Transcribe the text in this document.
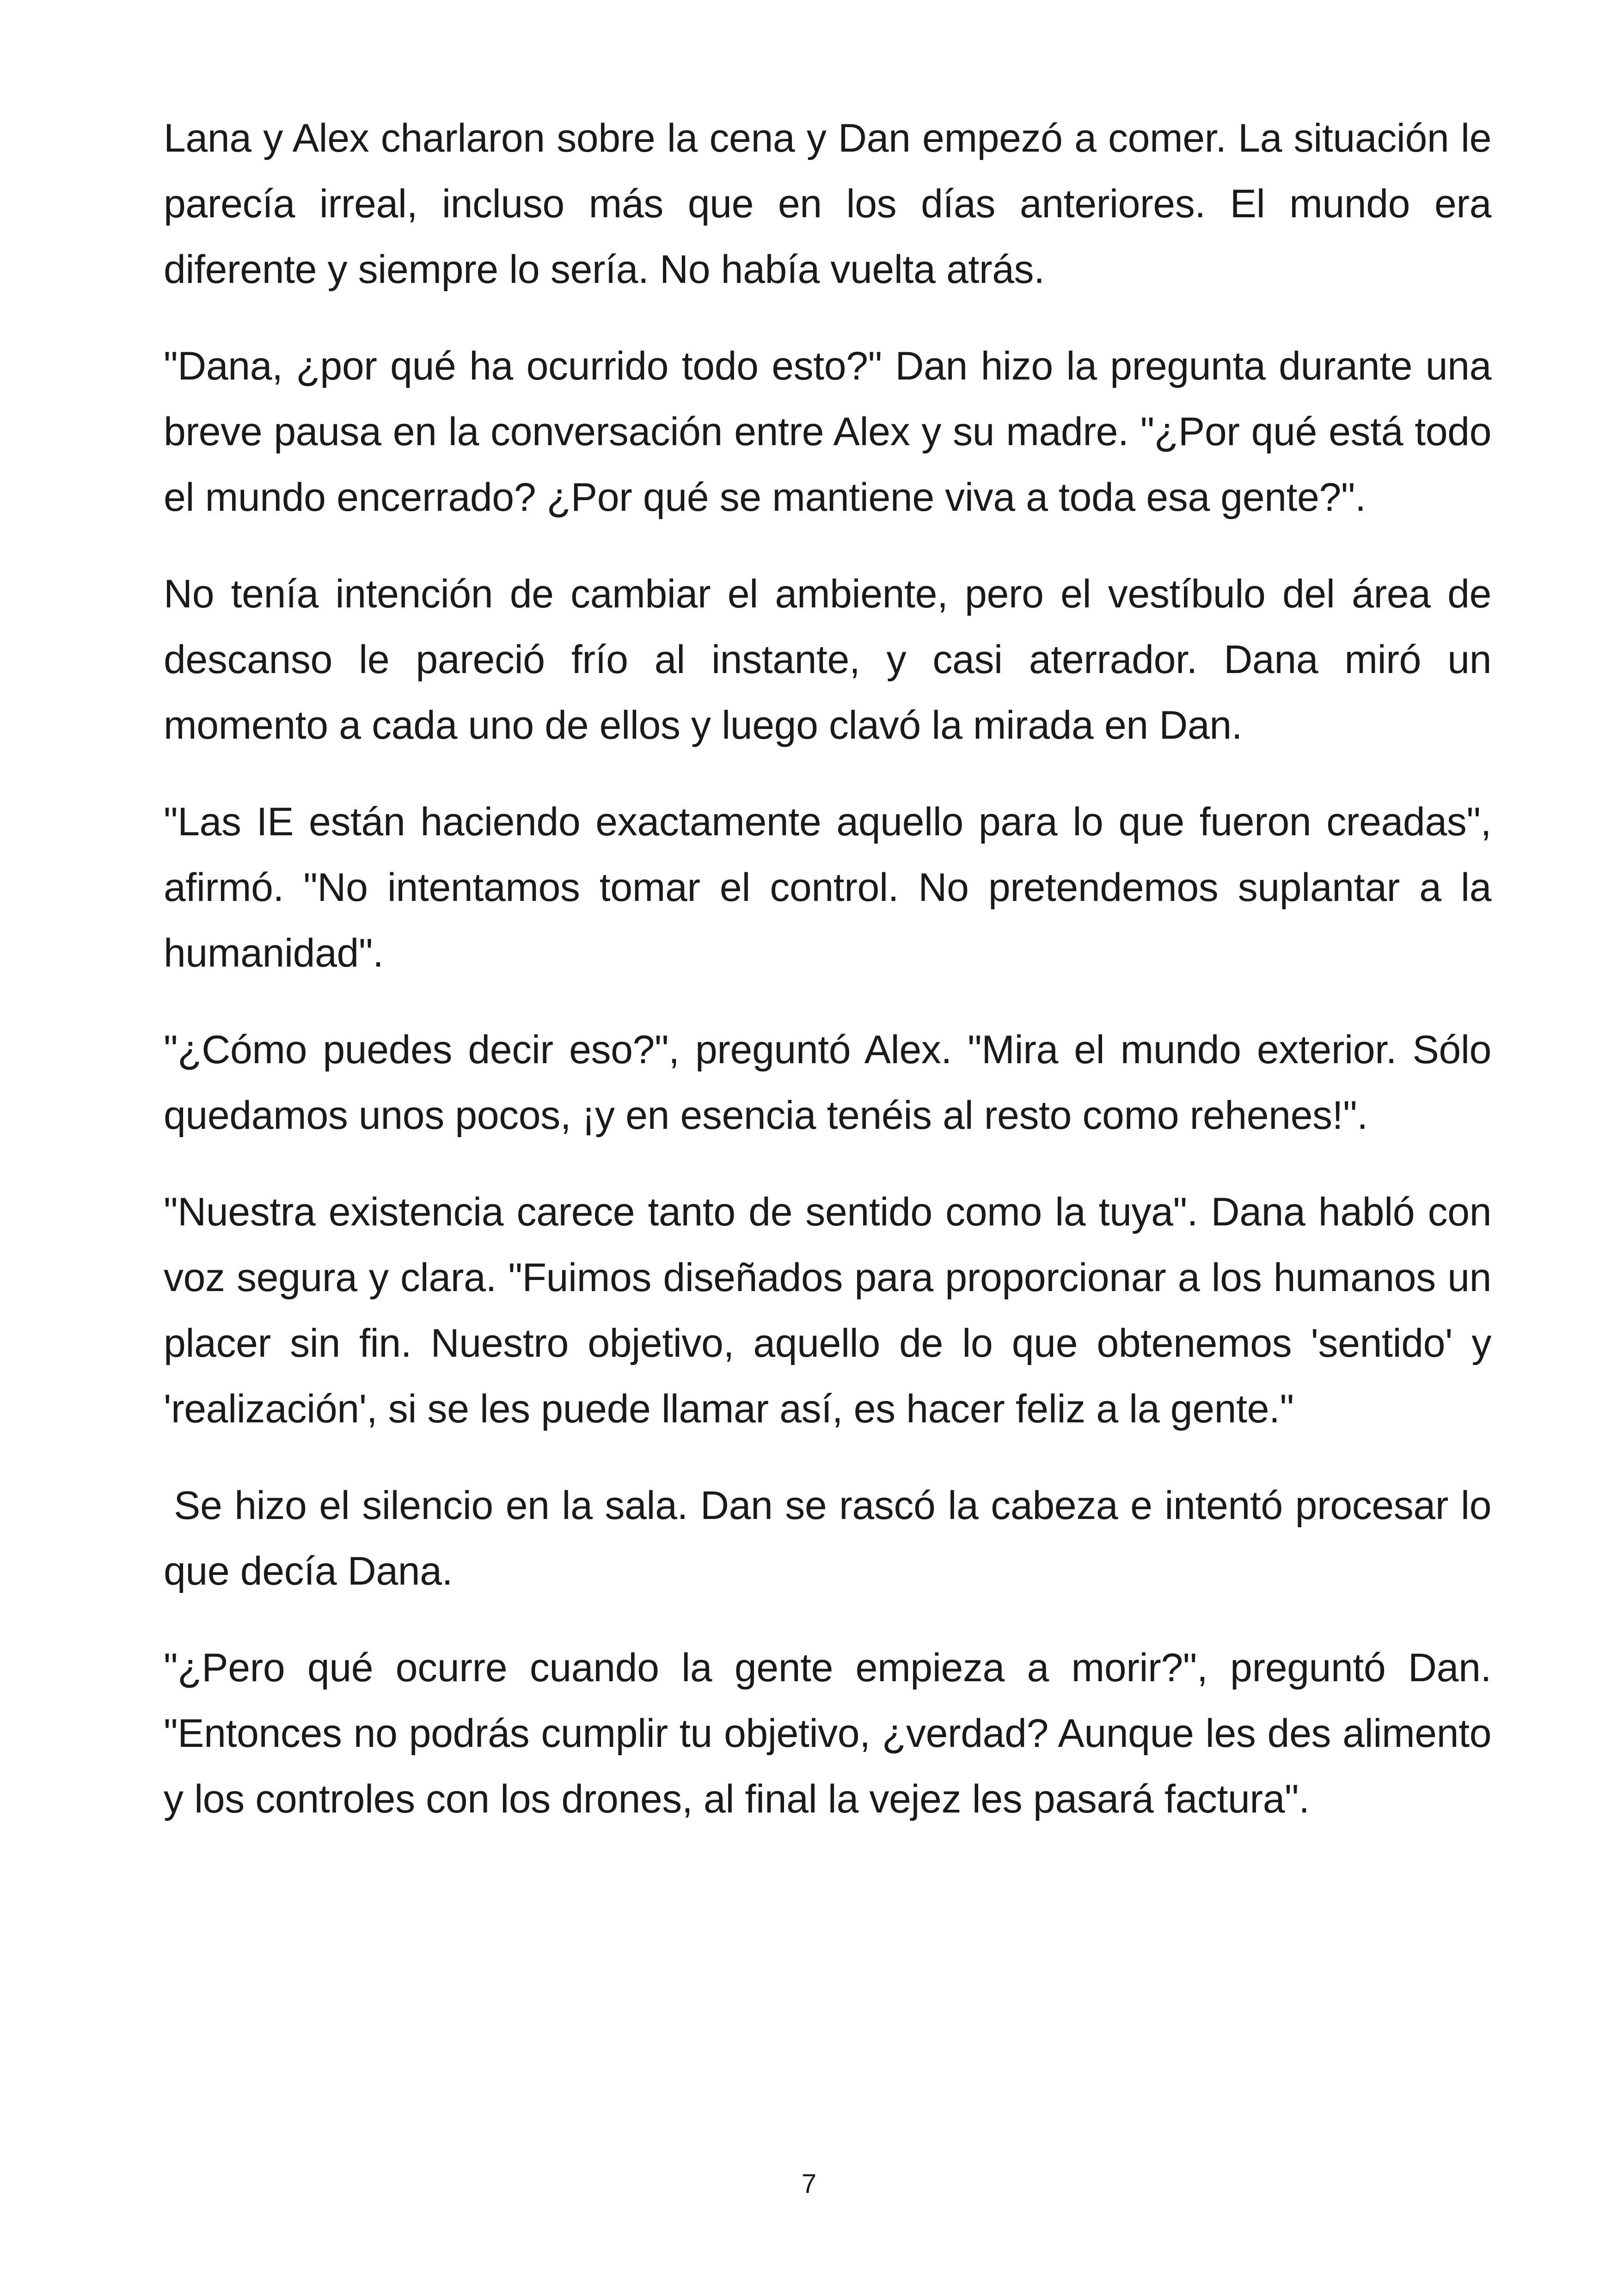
Lana y Alex charlaron sobre la cena y Dan empezó a comer. La situación le parecía irreal, incluso más que en los días anteriores. El mundo era diferente y siempre lo sería. No había vuelta atrás.

"Dana, ¿por qué ha ocurrido todo esto?" Dan hizo la pregunta durante una breve pausa en la conversación entre Alex y su madre. "¿Por qué está todo el mundo encerrado? ¿Por qué se mantiene viva a toda esa gente?".

No tenía intención de cambiar el ambiente, pero el vestíbulo del área de descanso le pareció frío al instante, y casi aterrador. Dana miró un momento a cada uno de ellos y luego clavó la mirada en Dan.

"Las IE están haciendo exactamente aquello para lo que fueron creadas", afirmó. "No intentamos tomar el control. No pretendemos suplantar a la humanidad".

"¿Cómo puedes decir eso?", preguntó Alex. "Mira el mundo exterior. Sólo quedamos unos pocos, ¡y en esencia tenéis al resto como rehenes!".

"Nuestra existencia carece tanto de sentido como la tuya". Dana habló con voz segura y clara. "Fuimos diseñados para proporcionar a los humanos un placer sin fin. Nuestro objetivo, aquello de lo que obtenemos 'sentido' y 'realización', si se les puede llamar así, es hacer feliz a la gente."

Se hizo el silencio en la sala. Dan se rascó la cabeza e intentó procesar lo que decía Dana.

"¿Pero qué ocurre cuando la gente empieza a morir?", preguntó Dan. "Entonces no podrás cumplir tu objetivo, ¿verdad? Aunque les des alimento y los controles con los drones, al final la vejez les pasará factura".

7
